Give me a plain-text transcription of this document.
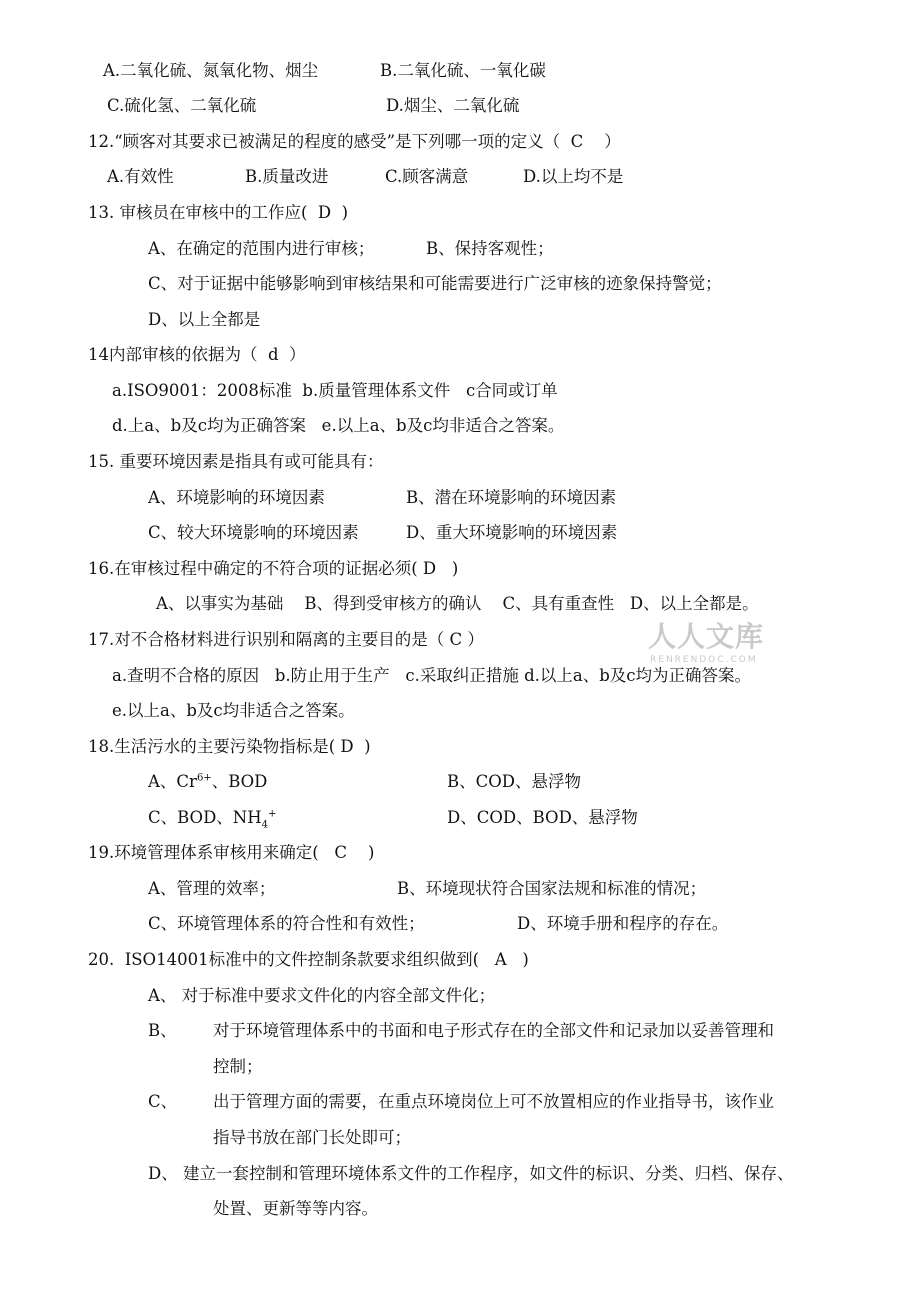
A.二氧化硫、氮氧化物、烟尘	B.二氧化硫、一氧化碳
C.硫化氢、二氧化硫	D.烟尘、二氧化硫
12.“顾客对其要求已被满足的程度的感受”是下列哪一项的定义（  C    ）
A.有效性	B.质量改进	C.顾客满意	D.以上均不是
13. 审核员在审核中的工作应(  D  )
A、在确定的范围内进行审核；	B、保持客观性；
C、对于证据中能够影响到审核结果和可能需要进行广泛审核的迹象保持警觉；
D、以上全都是
14内部审核的依据为（  d  ）
a.ISO9001：2008标准  b.质量管理体系文件   c合同或订单
d.上a、b及c均为正确答案   e.以上a、b及c均非适合之答案。
15. 重要环境因素是指具有或可能具有：
A、环境影响的环境因素	B、潜在环境影响的环境因素
C、较大环境影响的环境因素	D、重大环境影响的环境因素
16.在审核过程中确定的不符合项的证据必须( D   )
A、以事实为基础    B、得到受审核方的确认    C、具有重查性   D、以上全都是。
17.对不合格材料进行识别和隔离的主要目的是（ C ）
a.查明不合格的原因   b.防止用于生产   c.采取纠正措施 d.以上a、b及c均为正确答案。
e.以上a、b及c均非适合之答案。
18.生活污水的主要污染物指标是( D  )
A、$Cr^{6+}$、BOD	B、COD、悬浮物
C、BOD、$NH_4^+$	D、COD、BOD、悬浮物
19.环境管理体系审核用来确定(   C    )
A、管理的效率；	B、环境现状符合国家法规和标准的情况；
C、环境管理体系的符合性和有效性；	D、环境手册和程序的存在。
20.  ISO14001标准中的文件控制条款要求组织做到(   A   )
A、 对于标准中要求文件化的内容全部文件化；
B、 对于环境管理体系中的书面和电子形式存在的全部文件和记录加以妥善管理和
控制；
C、 出于管理方面的需要，在重点环境岗位上可不放置相应的作业指导书，该作业
指导书放在部门长处即可；
D、 建立一套控制和管理环境体系文件的工作程序，如文件的标识、分类、归档、保存、
处置、更新等等内容。
人人文库
RENRENDOC.COM
